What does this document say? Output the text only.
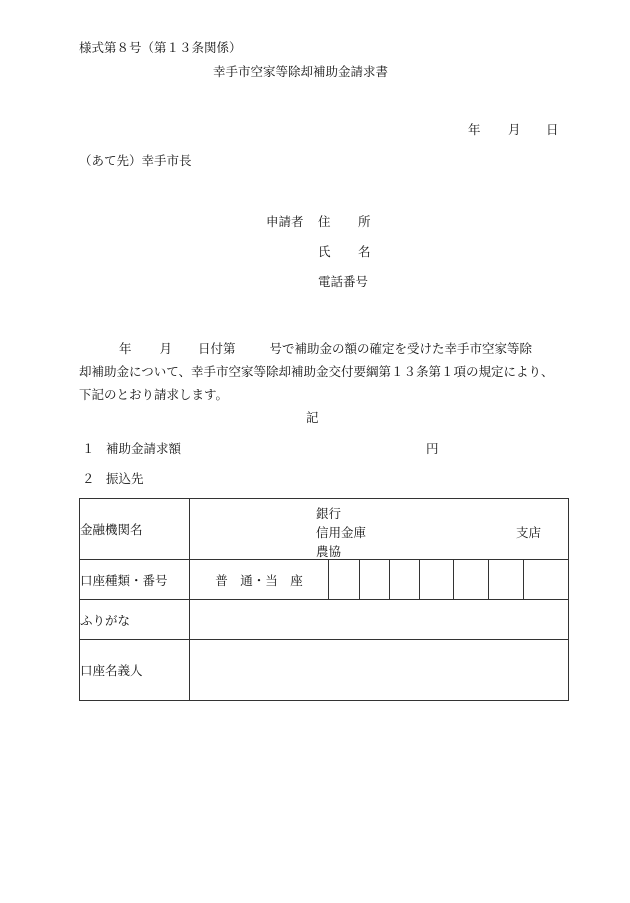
様式第８号（第１３条関係）
幸手市空家等除却補助金請求書
年 月 日
（あて先）幸手市長
申請者 住 所
氏 名
電話番号
年 月 日付第	号で補助金の額の確定を受けた幸手市空家等除
却補助金について、幸手市空家等除却補助金交付要綱第１３条第１項の規定により、
下記のとおり請求します。
記
１ 補助金請求額	円
２ 振込先
金融機関名	銀行
信用金庫
農協
支店							

口座種類・番号	普　通・当　座							
ふりがな								
口座名義人								
